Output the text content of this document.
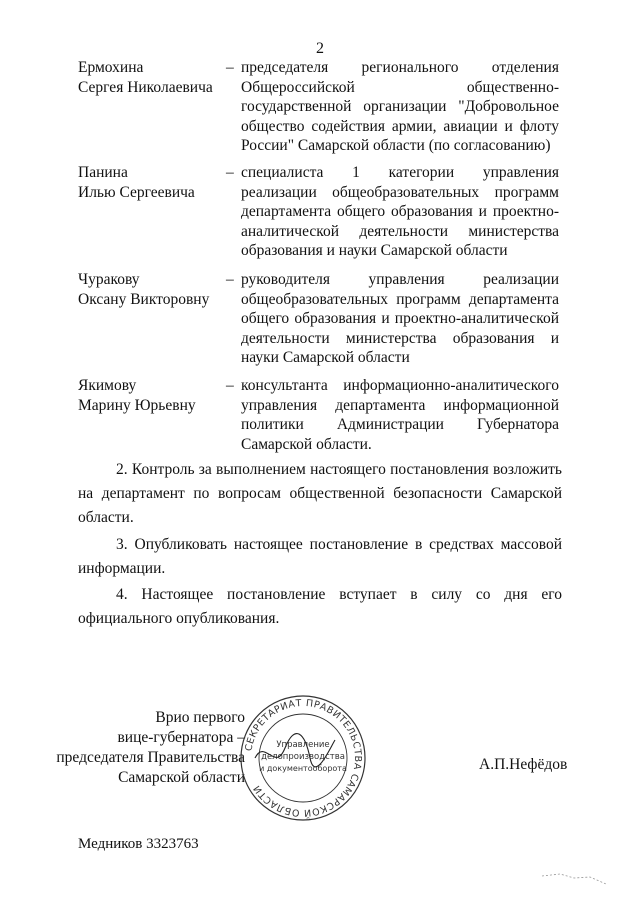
2
Ермохина
Сергея Николаевича
– председателя регионального отделения Общероссийской общественно- государственной организации "Добровольное общество содействия армии, авиации и флоту России" Самарской области (по согласованию)
Панина
Илью Сергеевича
– специалиста 1 категории управления реализации общеобразовательных программ департамента общего образования и проектно-аналитической деятельности министерства образования и науки Самарской области
Чуракову
Оксану Викторовну
– руководителя управления реализации общеобразовательных программ департамента общего образования и проектно-аналитической деятельности министерства образования и науки Самарской области
Якимову
Марину Юрьевну
– консультанта информационно-аналитического управления департамента информационной политики Администрации Губернатора Самарской области.
2. Контроль за выполнением настоящего постановления возложить на департамент по вопросам общественной безопасности Самарской области.
3. Опубликовать настоящее постановление в средствах массовой информации.
4. Настоящее постановление вступает в силу со дня его официального опубликования.
Врио первого
вице-губернатора –
председателя Правительства
Самарской области
СЕКРЕТАРИАТ ПРАВИТЕЛЬСТВА САМАРСКОЙ ОБЛАСТИ
Управление
делопроизводства
и документооборота	А.П.Нефёдов
Медников 3323763
